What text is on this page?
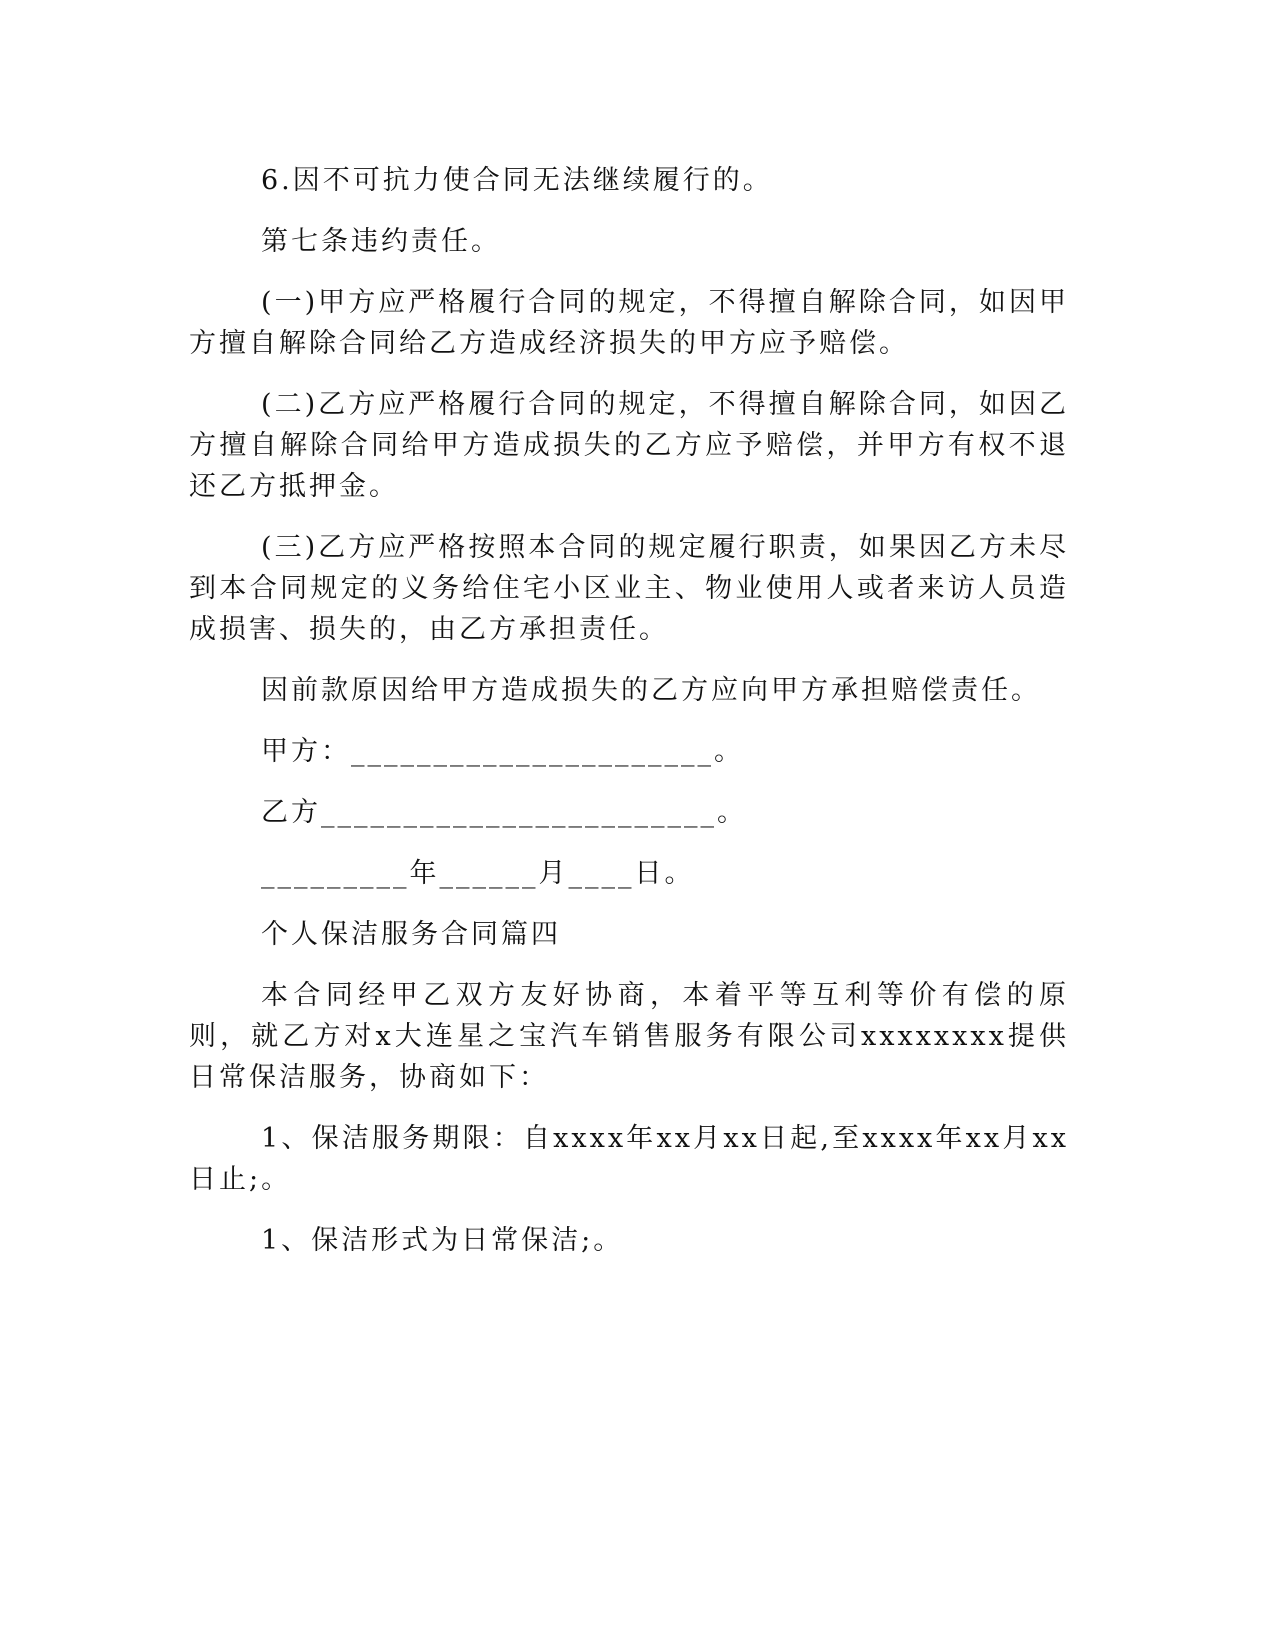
6.因不可抗力使合同无法继续履行的。

第七条违约责任。

(一)甲方应严格履行合同的规定，不得擅自解除合同，如因甲方擅自解除合同给乙方造成经济损失的甲方应予赔偿。

(二)乙方应严格履行合同的规定，不得擅自解除合同，如因乙方擅自解除合同给甲方造成损失的乙方应予赔偿，并甲方有权不退还乙方抵押金。

(三)乙方应严格按照本合同的规定履行职责，如果因乙方未尽到本合同规定的义务给住宅小区业主、物业使用人或者来访人员造成损害、损失的，由乙方承担责任。

因前款原因给甲方造成损失的乙方应向甲方承担赔偿责任。

甲方：______________________。

乙方________________________。

_________年______月____日。

个人保洁服务合同篇四

本合同经甲乙双方友好协商，本着平等互利等价有偿的原则，就乙方对x大连星之宝汽车销售服务有限公司xxxxxxxx提供日常保洁服务，协商如下：

1、保洁服务期限：自xxxx年xx月xx日起,至xxxx年xx月xx日止;。

1、保洁形式为日常保洁;。
